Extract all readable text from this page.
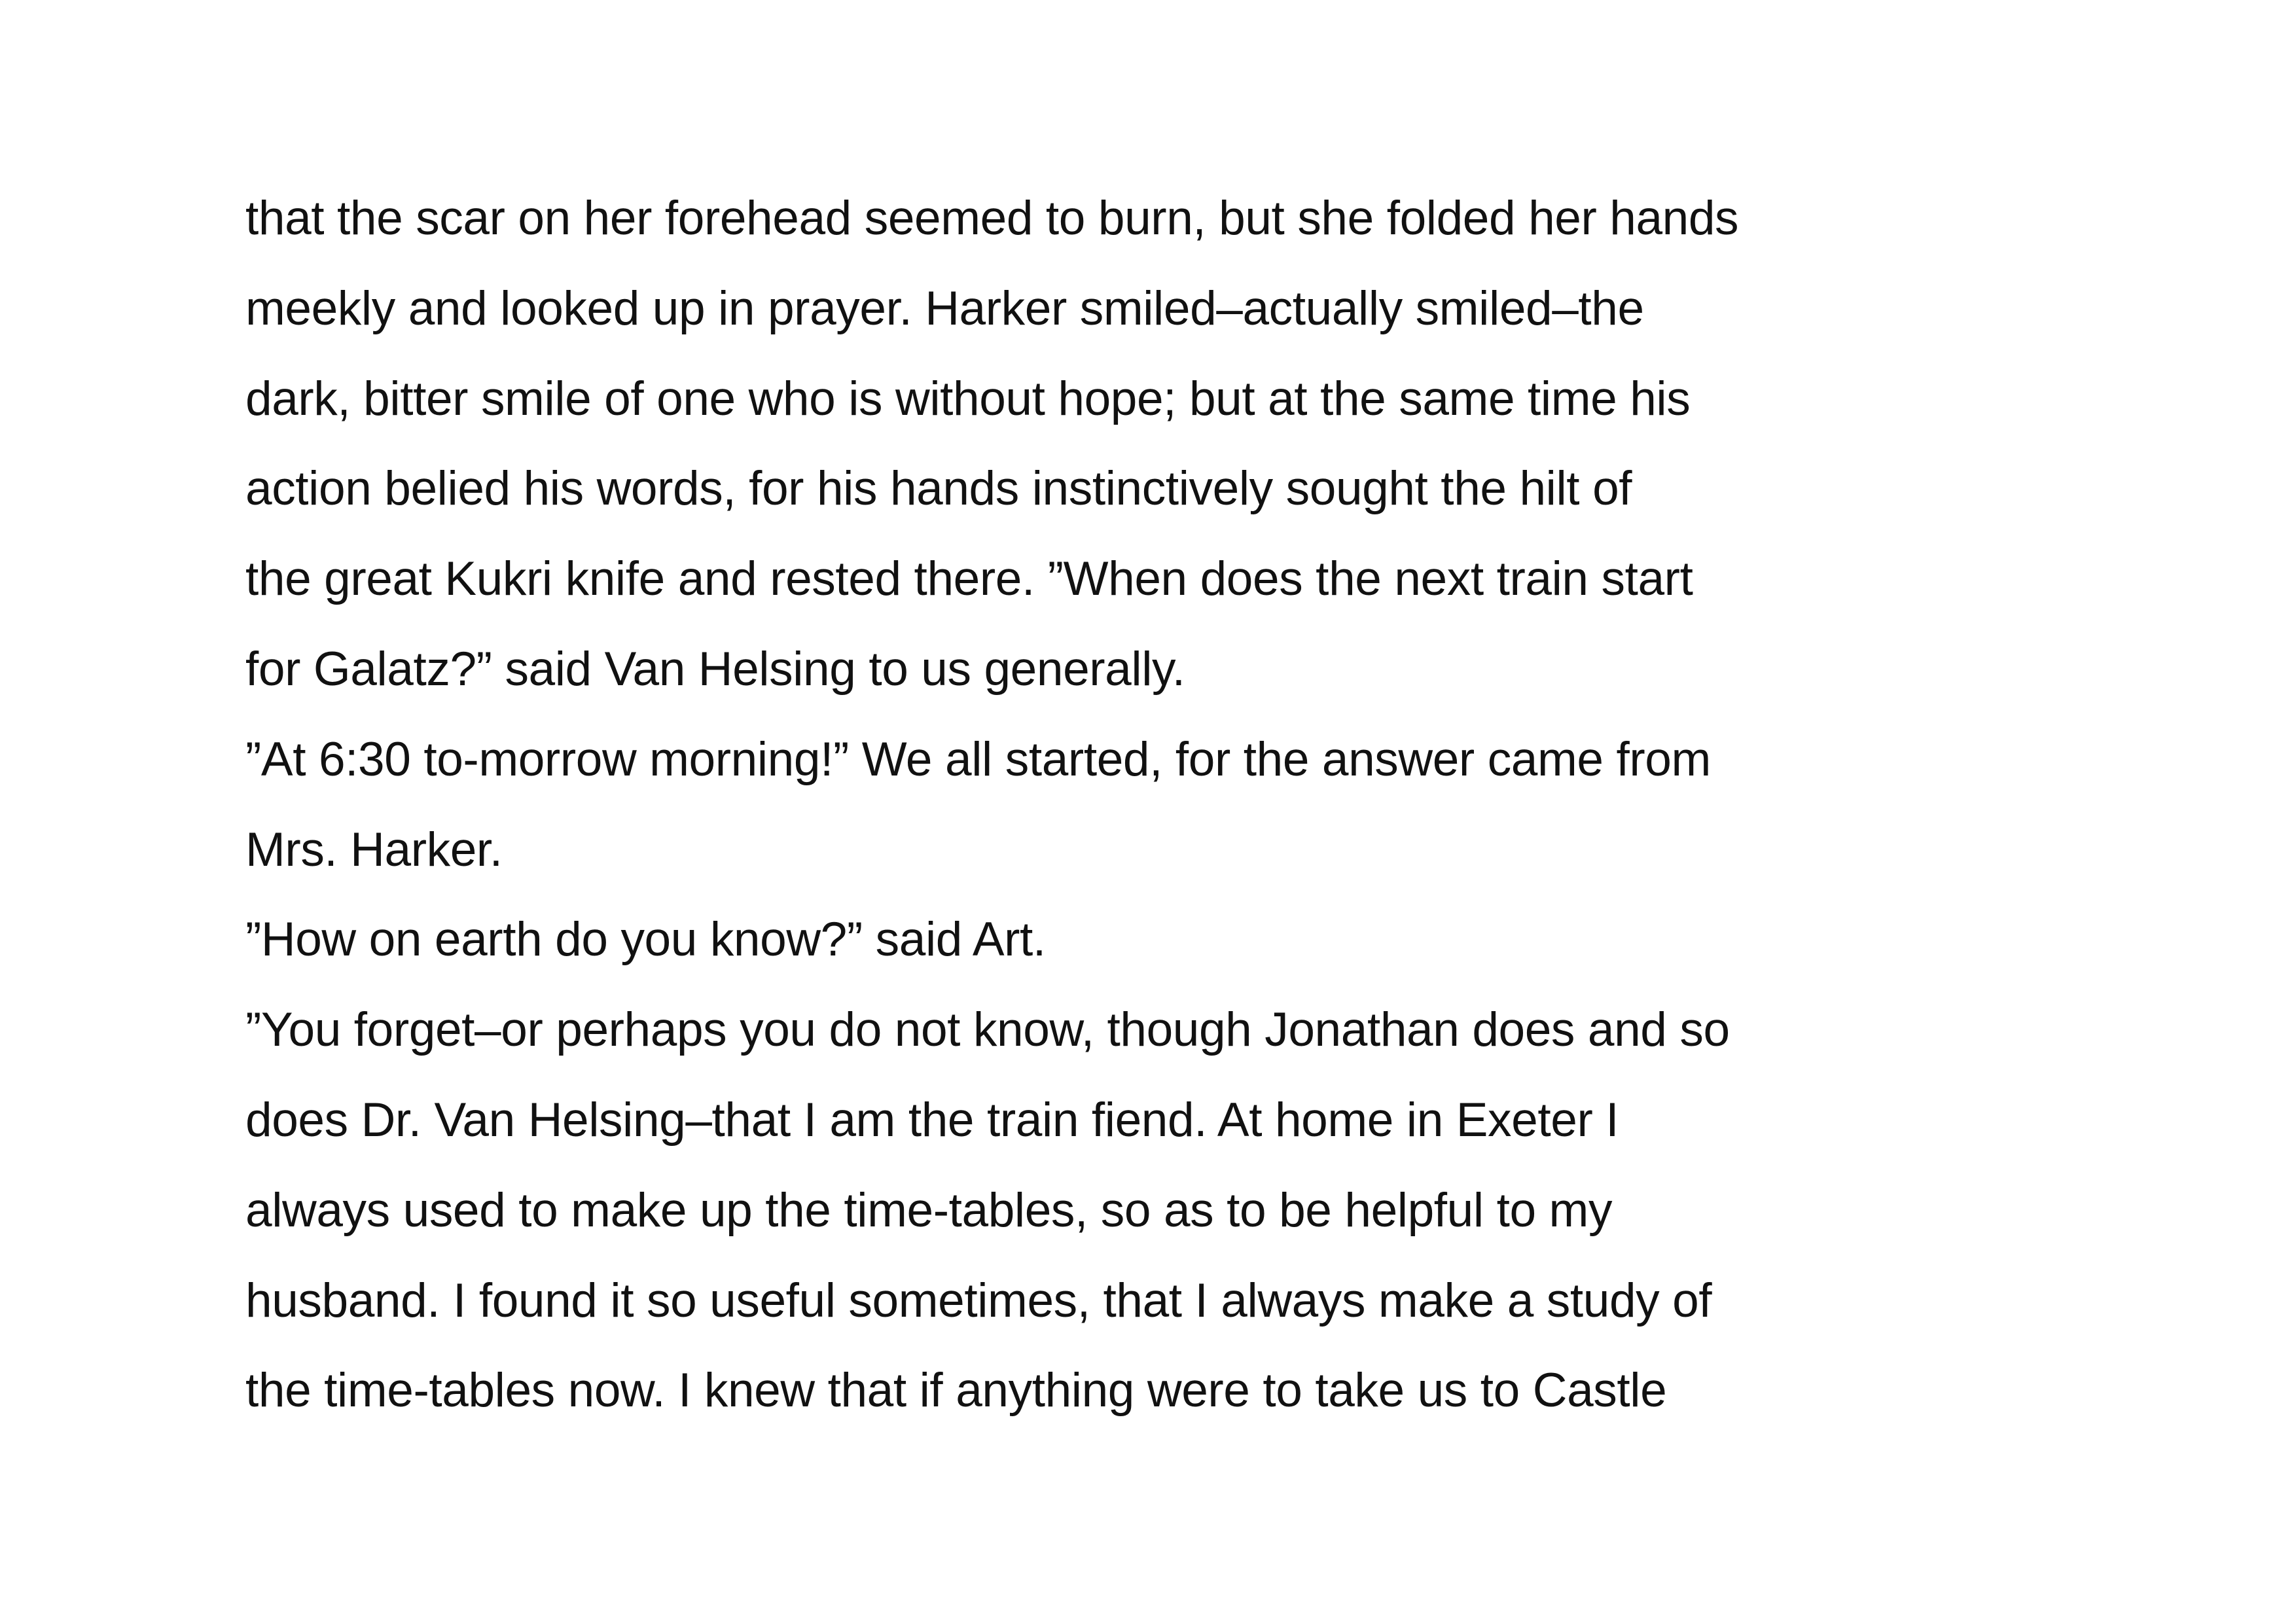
that the scar on her forehead seemed to burn, but she folded her hands
meekly and looked up in prayer. Harker smiled–actually smiled–the
dark, bitter smile of one who is without hope; but at the same time his
action belied his words, for his hands instinctively sought the hilt of
the great Kukri knife and rested there. ”When does the next train start
for Galatz?” said Van Helsing to us generally.
”At 6:30 to-morrow morning!” We all started, for the answer came from
Mrs. Harker.
”How on earth do you know?” said Art.
”You forget–or perhaps you do not know, though Jonathan does and so
does Dr. Van Helsing–that I am the train fiend. At home in Exeter I
always used to make up the time-tables, so as to be helpful to my
husband. I found it so useful sometimes, that I always make a study of
the time-tables now. I knew that if anything were to take us to Castle
